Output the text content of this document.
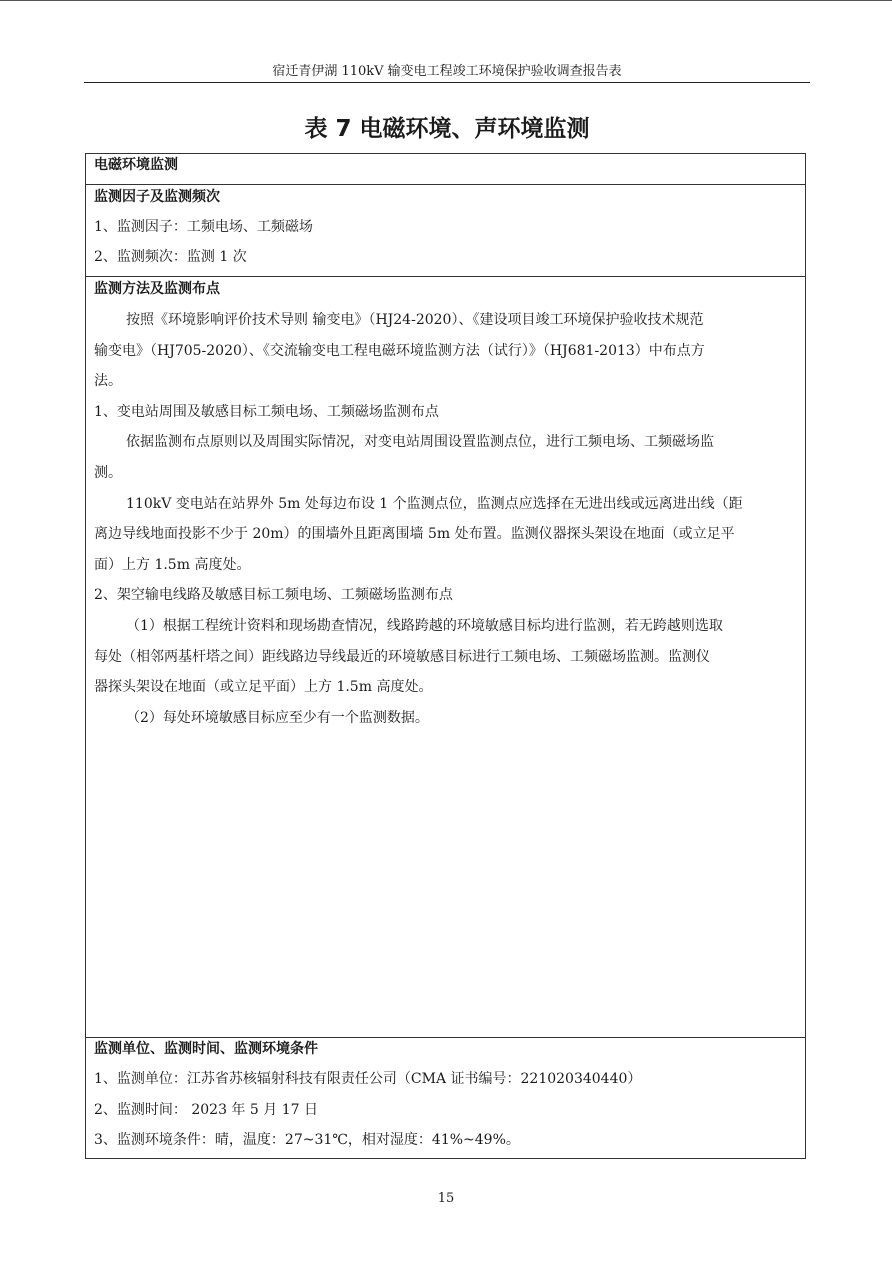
宿迁青伊湖 110kV 输变电工程竣工环境保护验收调查报告表
表 7 电磁环境、声环境监测
电磁环境监测
监测因子及监测频次
1、监测因子：工频电场、工频磁场
2、监测频次：监测 1 次
监测方法及监测布点
按照《环境影响评价技术导则 输变电》（HJ24-2020）、《建设项目竣工环境保护验收技术规范
输变电》（HJ705-2020）、《交流输变电工程电磁环境监测方法（试行）》（HJ681-2013）中布点方
法。
1、变电站周围及敏感目标工频电场、工频磁场监测布点
依据监测布点原则以及周围实际情况，对变电站周围设置监测点位，进行工频电场、工频磁场监
测。
110kV 变电站在站界外 5m 处每边布设 1 个监测点位，监测点应选择在无进出线或远离进出线（距
离边导线地面投影不少于 20m）的围墙外且距离围墙 5m 处布置。监测仪器探头架设在地面（或立足平
面）上方 1.5m 高度处。
2、架空输电线路及敏感目标工频电场、工频磁场监测布点
（1）根据工程统计资料和现场勘查情况，线路跨越的环境敏感目标均进行监测，若无跨越则选取
每处（相邻两基杆塔之间）距线路边导线最近的环境敏感目标进行工频电场、工频磁场监测。监测仪
器探头架设在地面（或立足平面）上方 1.5m 高度处。
（2）每处环境敏感目标应至少有一个监测数据。
监测单位、监测时间、监测环境条件
1、监测单位：江苏省苏核辐射科技有限责任公司（CMA 证书编号：221020340440）
2、监测时间： 2023 年 5 月 17 日
3、监测环境条件：晴，温度：27~31℃，相对湿度：41%~49%。
15
